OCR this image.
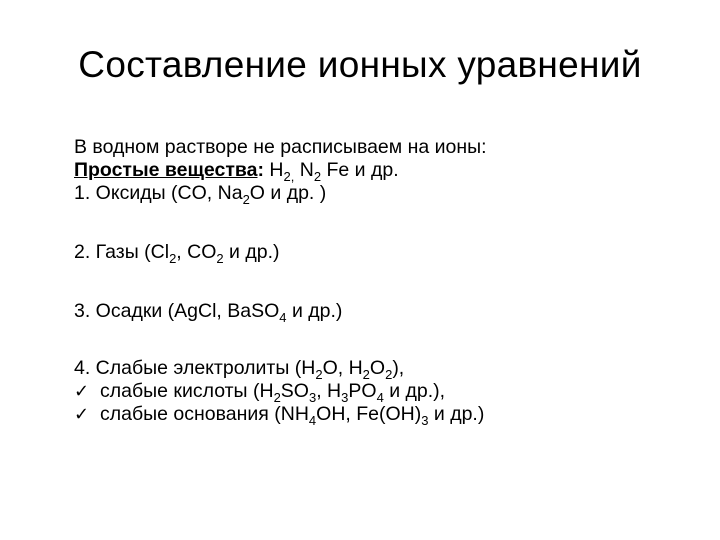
Составление ионных уравнений
В водном растворе не расписываем на ионы:
Простые вещества: $H_{2,}$ $N_2$ Fe и др.
1. Оксиды (CO, $Na_2O$ и др. )
2. Газы ($Cl_2$, $CO_2$ и др.)
3. Осадки (AgCl, BaSO$_4$ и др.)
4. Слабые электролиты ($H_2O$, $H_2O_2$),
✓ слабые кислоты ($H_2SO_3$, $H_3PO_4$ и др.),
✓ слабые основания ($NH_4OH$, $Fe(OH)_3$ и др.)
